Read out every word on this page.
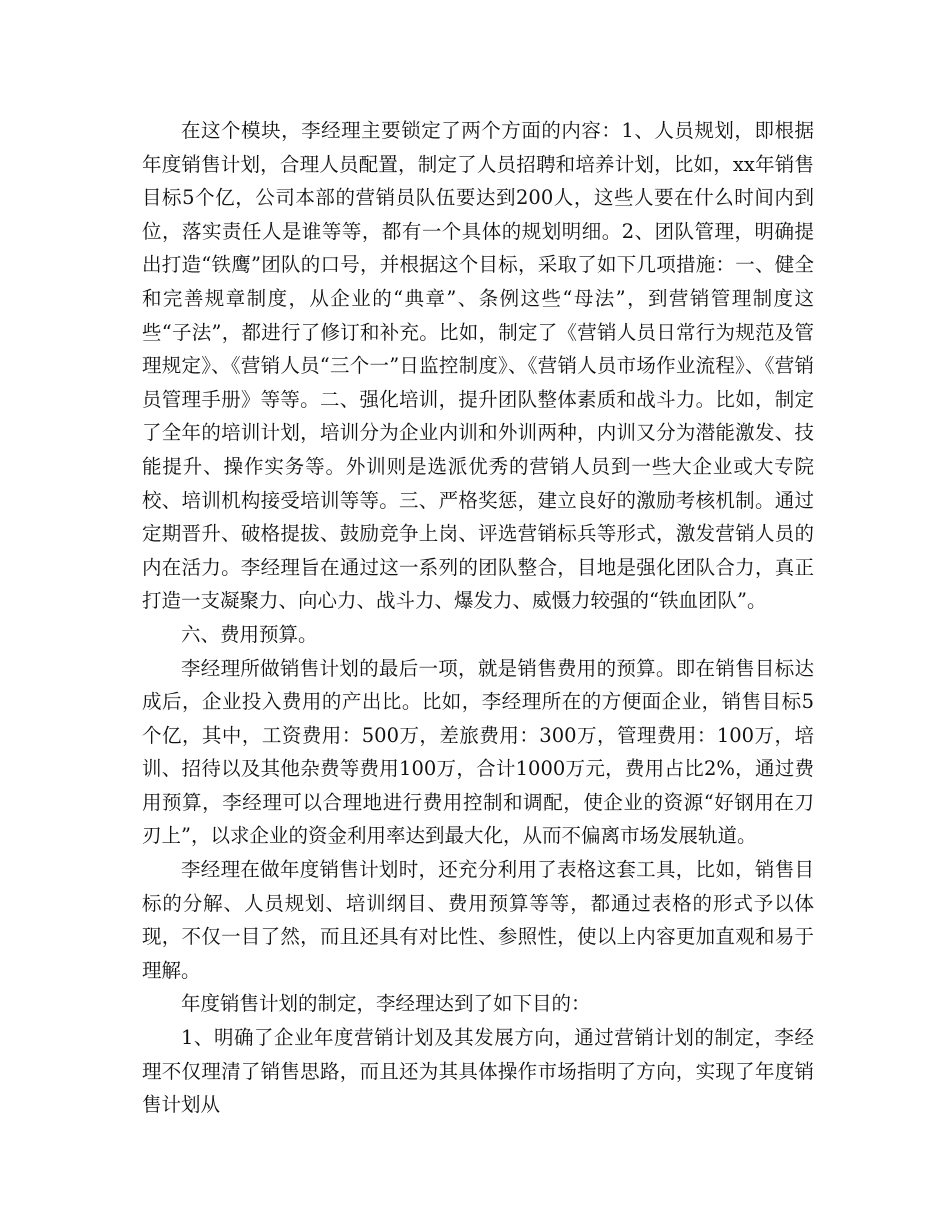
在这个模块，李经理主要锁定了两个方面的内容：1、人员规划，即根据年度销售计划，合理人员配置，制定了人员招聘和培养计划，比如，xx年销售目标5个亿，公司本部的营销员队伍要达到200人，这些人要在什么时间内到位，落实责任人是谁等等，都有一个具体的规划明细。2、团队管理，明确提出打造“铁鹰”团队的口号，并根据这个目标，采取了如下几项措施：一、健全和完善规章制度，从企业的“典章”、条例这些“母法”，到营销管理制度这些“子法”，都进行了修订和补充。比如，制定了《营销人员日常行为规范及管理规定》、《营销人员“三个一”日监控制度》、《营销人员市场作业流程》、《营销员管理手册》等等。二、强化培训，提升团队整体素质和战斗力。比如，制定了全年的培训计划，培训分为企业内训和外训两种，内训又分为潜能激发、技能提升、操作实务等。外训则是选派优秀的营销人员到一些大企业或大专院校、培训机构接受培训等等。三、严格奖惩，建立良好的激励考核机制。通过定期晋升、破格提拔、鼓励竞争上岗、评选营销标兵等形式，激发营销人员的内在活力。李经理旨在通过这一系列的团队整合，目地是强化团队合力，真正打造一支凝聚力、向心力、战斗力、爆发力、威慑力较强的“铁血团队”。

六、费用预算。

李经理所做销售计划的最后一项，就是销售费用的预算。即在销售目标达成后，企业投入费用的产出比。比如，李经理所在的方便面企业，销售目标5个亿，其中，工资费用：500万，差旅费用：300万，管理费用：100万，培训、招待以及其他杂费等费用100万，合计1000万元，费用占比2%，通过费用预算，李经理可以合理地进行费用控制和调配，使企业的资源“好钢用在刀刃上”，以求企业的资金利用率达到最大化，从而不偏离市场发展轨道。

李经理在做年度销售计划时，还充分利用了表格这套工具，比如，销售目标的分解、人员规划、培训纲目、费用预算等等，都通过表格的形式予以体现，不仅一目了然，而且还具有对比性、参照性，使以上内容更加直观和易于理解。

年度销售计划的制定，李经理达到了如下目的：

1、明确了企业年度营销计划及其发展方向，通过营销计划的制定，李经理不仅理清了销售思路，而且还为其具体操作市场指明了方向，实现了年度销售计划从
